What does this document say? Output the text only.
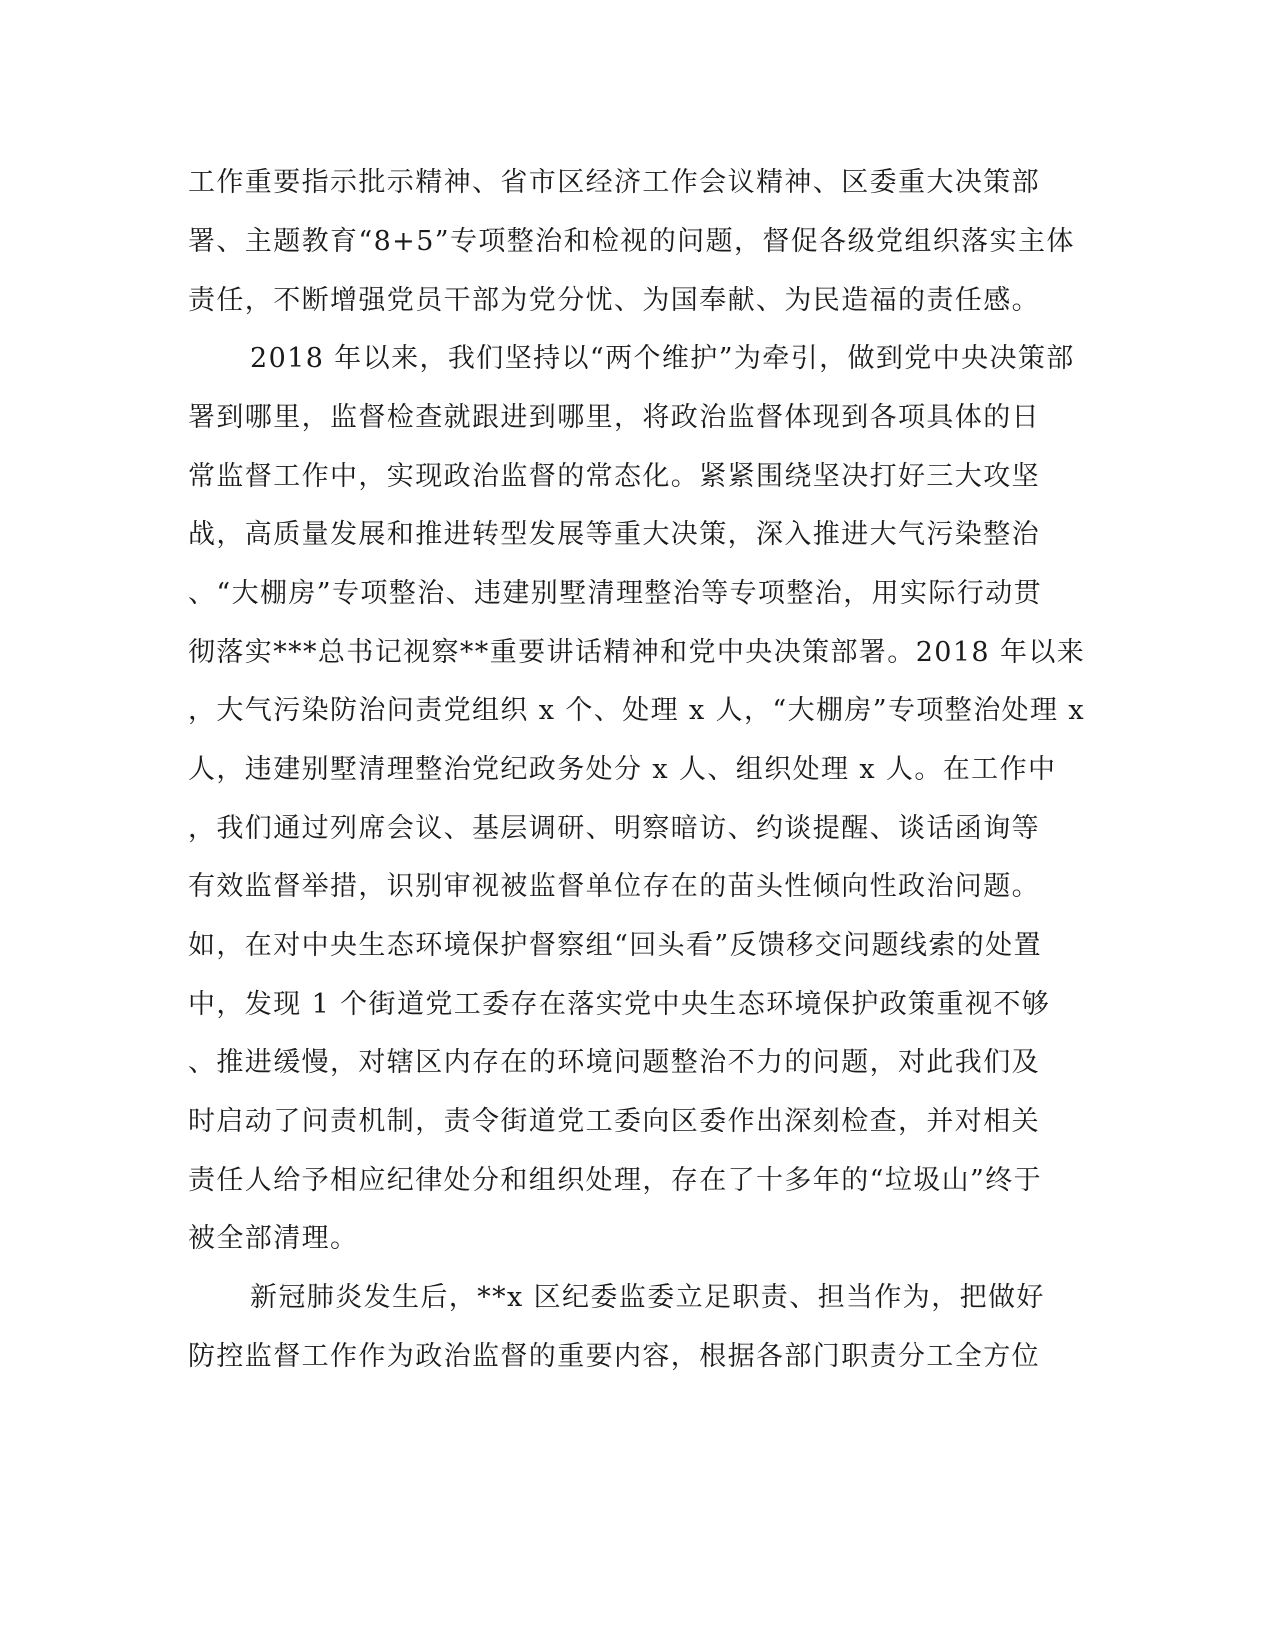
工作重要指示批示精神、省市区经济工作会议精神、区委重大决策部
署、主题教育“8+5”专项整治和检视的问题，督促各级党组织落实主体
责任，不断增强党员干部为党分忧、为国奉献、为民造福的责任感。
2018 年以来，我们坚持以“两个维护”为牵引，做到党中央决策部
署到哪里，监督检查就跟进到哪里，将政治监督体现到各项具体的日
常监督工作中，实现政治监督的常态化。紧紧围绕坚决打好三大攻坚
战，高质量发展和推进转型发展等重大决策，深入推进大气污染整治
、“大棚房”专项整治、违建别墅清理整治等专项整治，用实际行动贯
彻落实***总书记视察**重要讲话精神和党中央决策部署。2018 年以来
，大气污染防治问责党组织 x 个、处理 x 人，“大棚房”专项整治处理 x
人，违建别墅清理整治党纪政务处分 x 人、组织处理 x 人。在工作中
，我们通过列席会议、基层调研、明察暗访、约谈提醒、谈话函询等
有效监督举措，识别审视被监督单位存在的苗头性倾向性政治问题。
如，在对中央生态环境保护督察组“回头看”反馈移交问题线索的处置
中，发现 1 个街道党工委存在落实党中央生态环境保护政策重视不够
、推进缓慢，对辖区内存在的环境问题整治不力的问题，对此我们及
时启动了问责机制，责令街道党工委向区委作出深刻检查，并对相关
责任人给予相应纪律处分和组织处理，存在了十多年的“垃圾山”终于
被全部清理。
新冠肺炎发生后，**x 区纪委监委立足职责、担当作为，把做好
防控监督工作作为政治监督的重要内容，根据各部门职责分工全方位
